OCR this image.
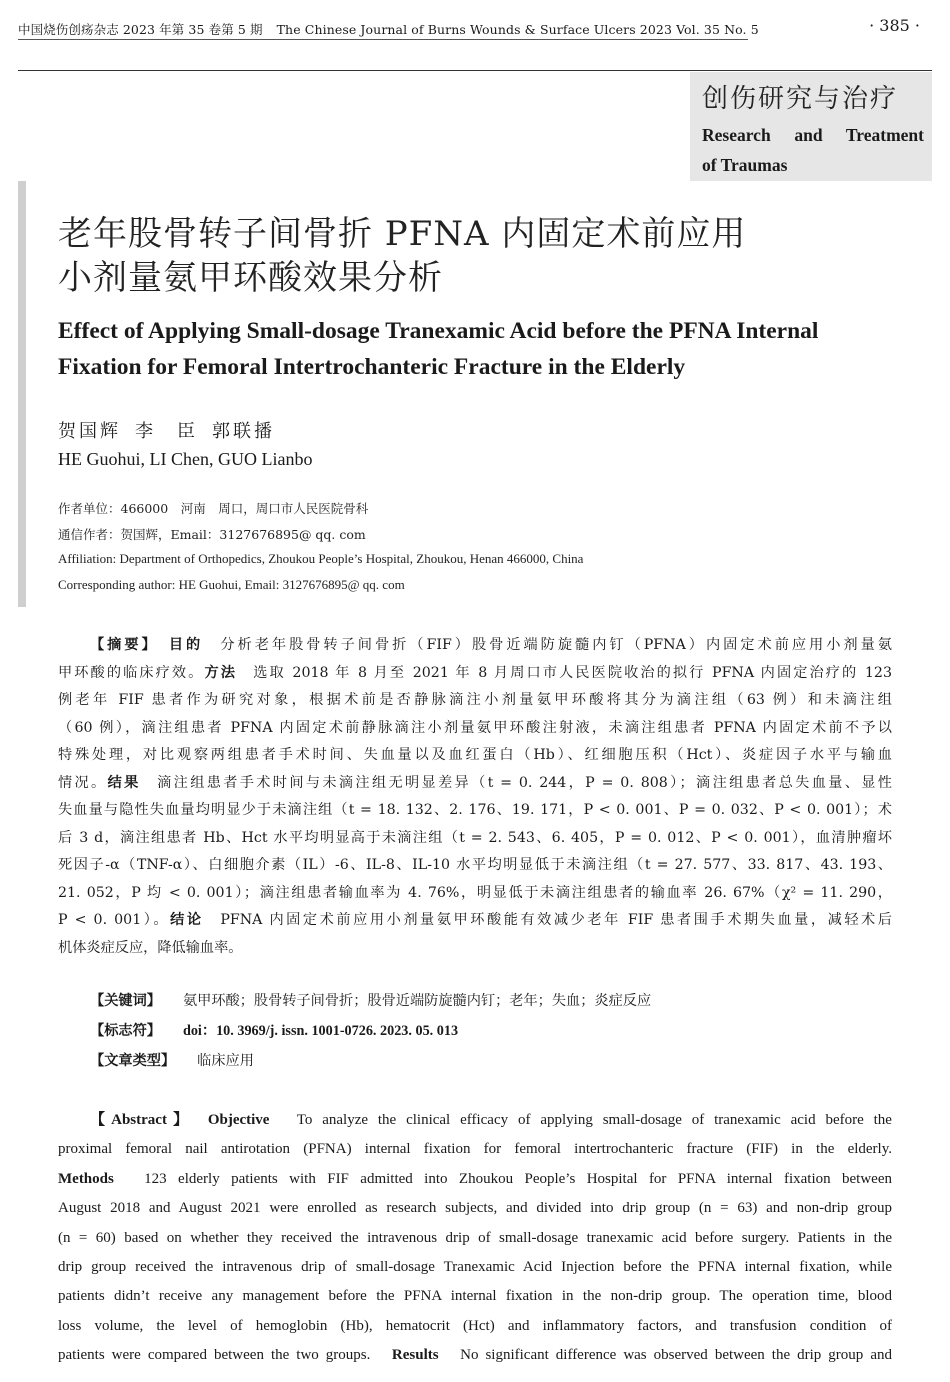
中国烧伤创疡杂志 2023 年第 35 卷第 5 期 The Chinese Journal of Burns Wounds & Surface Ulcers 2023 Vol. 35 No. 5	· 385 ·
创伤研究与治疗
Research and Treatment
of Traumas
老年股骨转子间骨折 PFNA 内固定术前应用
小剂量氨甲环酸效果分析
Effect of Applying Small-dosage Tranexamic Acid before the PFNA Internal
Fixation for Femoral Intertrochanteric Fracture in the Elderly
贺国辉 李　臣 郭联播
HE Guohui, LI Chen, GUO Lianbo
作者单位：466000　河南　周口，周口市人民医院骨科
通信作者：贺国辉，Email：3127676895@ qq. com
Affiliation: Department of Orthopedics, Zhoukou People’s Hospital, Zhoukou, Henan 466000, China
Corresponding author: HE Guohui, Email: 3127676895@ qq. com
【摘要】　 目的　 分析老年股骨转子间骨折（FIF）股骨近端防旋髓内钉（PFNA）内固定术前应用小剂量氨
甲环酸的临床疗效。方法　 选取 2018 年 8 月至 2021 年 8 月周口市人民医院收治的拟行 PFNA 内固定治疗的 123
例老年 FIF 患者作为研究对象，根据术前是否静脉滴注小剂量氨甲环酸将其分为滴注组（63 例）和未滴注组
（60 例），滴注组患者 PFNA 内固定术前静脉滴注小剂量氨甲环酸注射液，未滴注组患者 PFNA 内固定术前不予以
特殊处理，对比观察两组患者手术时间、失血量以及血红蛋白（Hb）、红细胞压积（Hct）、炎症因子水平与输血
情况。结果　 滴注组患者手术时间与未滴注组无明显差异（t = 0. 244，P = 0. 808）；滴注组患者总失血量、显性
失血量与隐性失血量均明显少于未滴注组（t = 18. 132、2. 176、19. 171，P < 0. 001、P = 0. 032、P < 0. 001）；术
后 3 d，滴注组患者 Hb、Hct 水平均明显高于未滴注组（t = 2. 543、6. 405，P = 0. 012、P < 0. 001），血清肿瘤坏
死因子-α（TNF-α）、白细胞介素（IL）-6、IL-8、IL-10 水平均明显低于未滴注组（t = 27. 577、33. 817、43. 193、
21. 052，P 均 < 0. 001）；滴注组患者输血率为 4. 76%，明显低于未滴注组患者的输血率 26. 67%（χ² = 11. 290，
P < 0. 001）。结论　 PFNA 内固定术前应用小剂量氨甲环酸能有效减少老年 FIF 患者围手术期失血量，减轻术后
机体炎症反应，降低输血率。
【关键词】 氨甲环酸；股骨转子间骨折；股骨近端防旋髓内钉；老年；失血；炎症反应
【标志符】 doi：10. 3969/j. issn. 1001-0726. 2023. 05. 013
【文章类型】 临床应用
【Abstract】　 Objective　 To analyze the clinical efficacy of applying small-dosage of tranexamic acid before the
proximal femoral nail antirotation (PFNA) internal fixation for femoral intertrochanteric fracture (FIF) in the elderly.
Methods　 123 elderly patients with FIF admitted into Zhoukou People’s Hospital for PFNA internal fixation between
August 2018 and August 2021 were enrolled as research subjects, and divided into drip group (n = 63) and non-drip group
(n = 60) based on whether they received the intravenous drip of small-dosage tranexamic acid before surgery. Patients in the
drip group received the intravenous drip of small-dosage Tranexamic Acid Injection before the PFNA internal fixation, while
patients didn’t receive any management before the PFNA internal fixation in the non-drip group. The operation time, blood
loss volume, the level of hemoglobin (Hb), hematocrit (Hct) and inflammatory factors, and transfusion condition of
patients were compared between the two groups.　 Results　 No significant difference was observed between the drip group and
